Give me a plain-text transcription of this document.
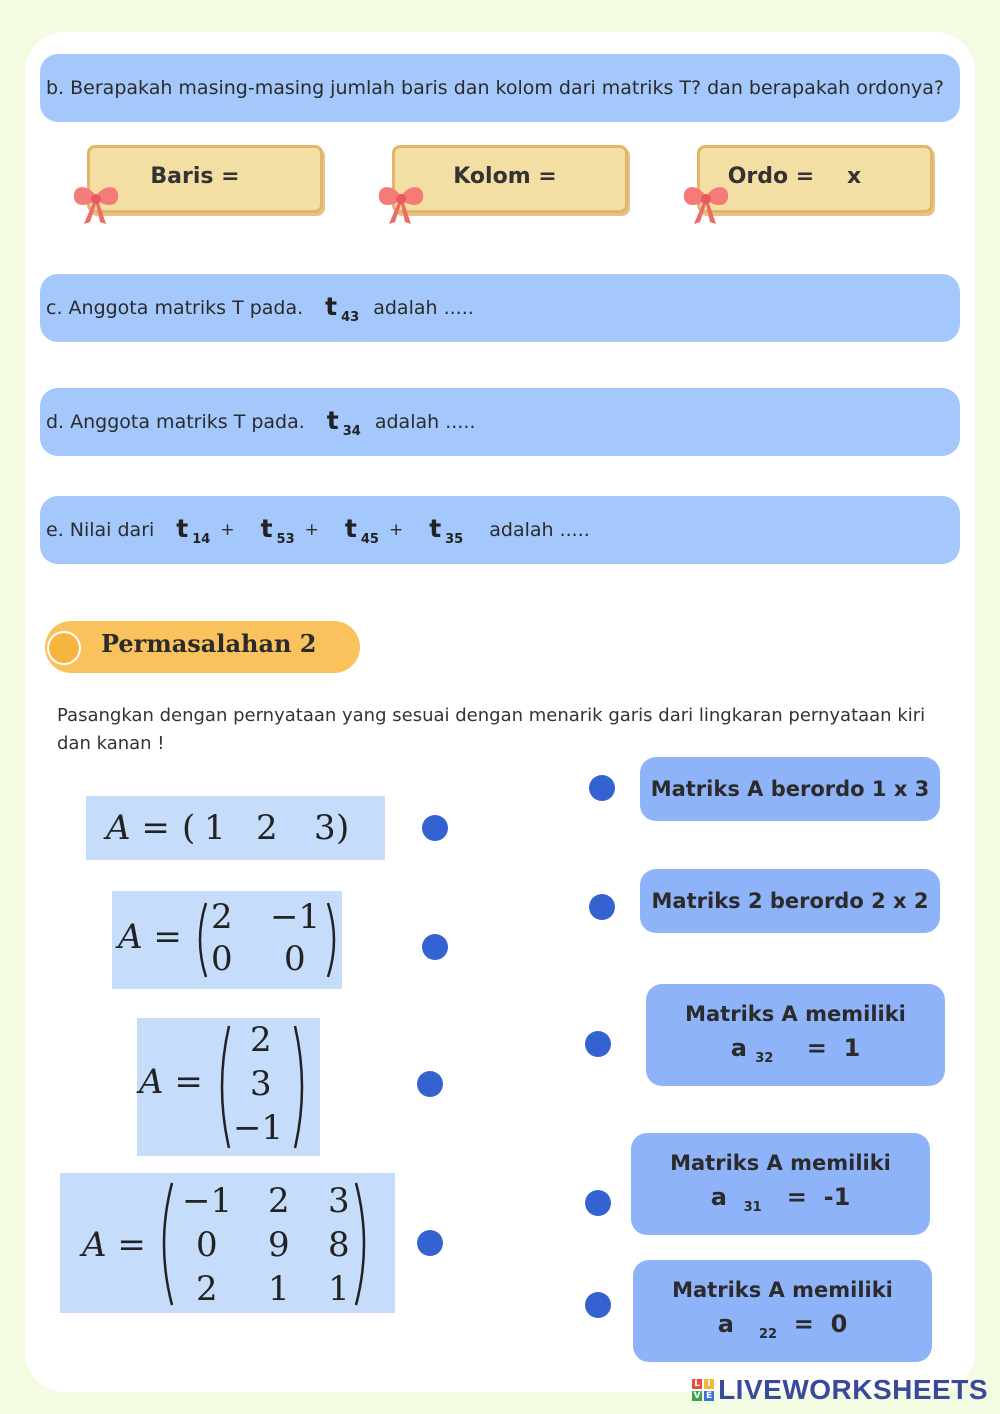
b. Berapakah masing-masing jumlah baris dan kolom dari matriks T? dan berapakah ordonya?
Baris =	Kolom =	Ordo =	x
c. Anggota matriks T pada. t $_{43}$ adalah .....
d. Anggota matriks T pada. t $_{34}$ adalah .....
e. Nilai dari t $_{14}$ + t $_{53}$ + t $_{45}$ + t $_{35}$ adalah .....
Permasalahan 2
Pasangkan dengan pernyataan yang sesuai dengan menarik garis dari lingkaran pernyataan kiri dan kanan !
A = ( 1 2 3 )
A = 2 −1
0 0
A =
2
3
−1
A =
−1 2 3
0 9 8
2 1 1
Matriks A berordo 1 x 3
Matriks 2 berordo 2 x 2
Matriks A memiliki
a $_{32}$ = 1
Matriks A memiliki
a $_{31}$ = -1
Matriks A memiliki
a $_{22}$ = 0
L I
V E LIVEWORKSHEETS
